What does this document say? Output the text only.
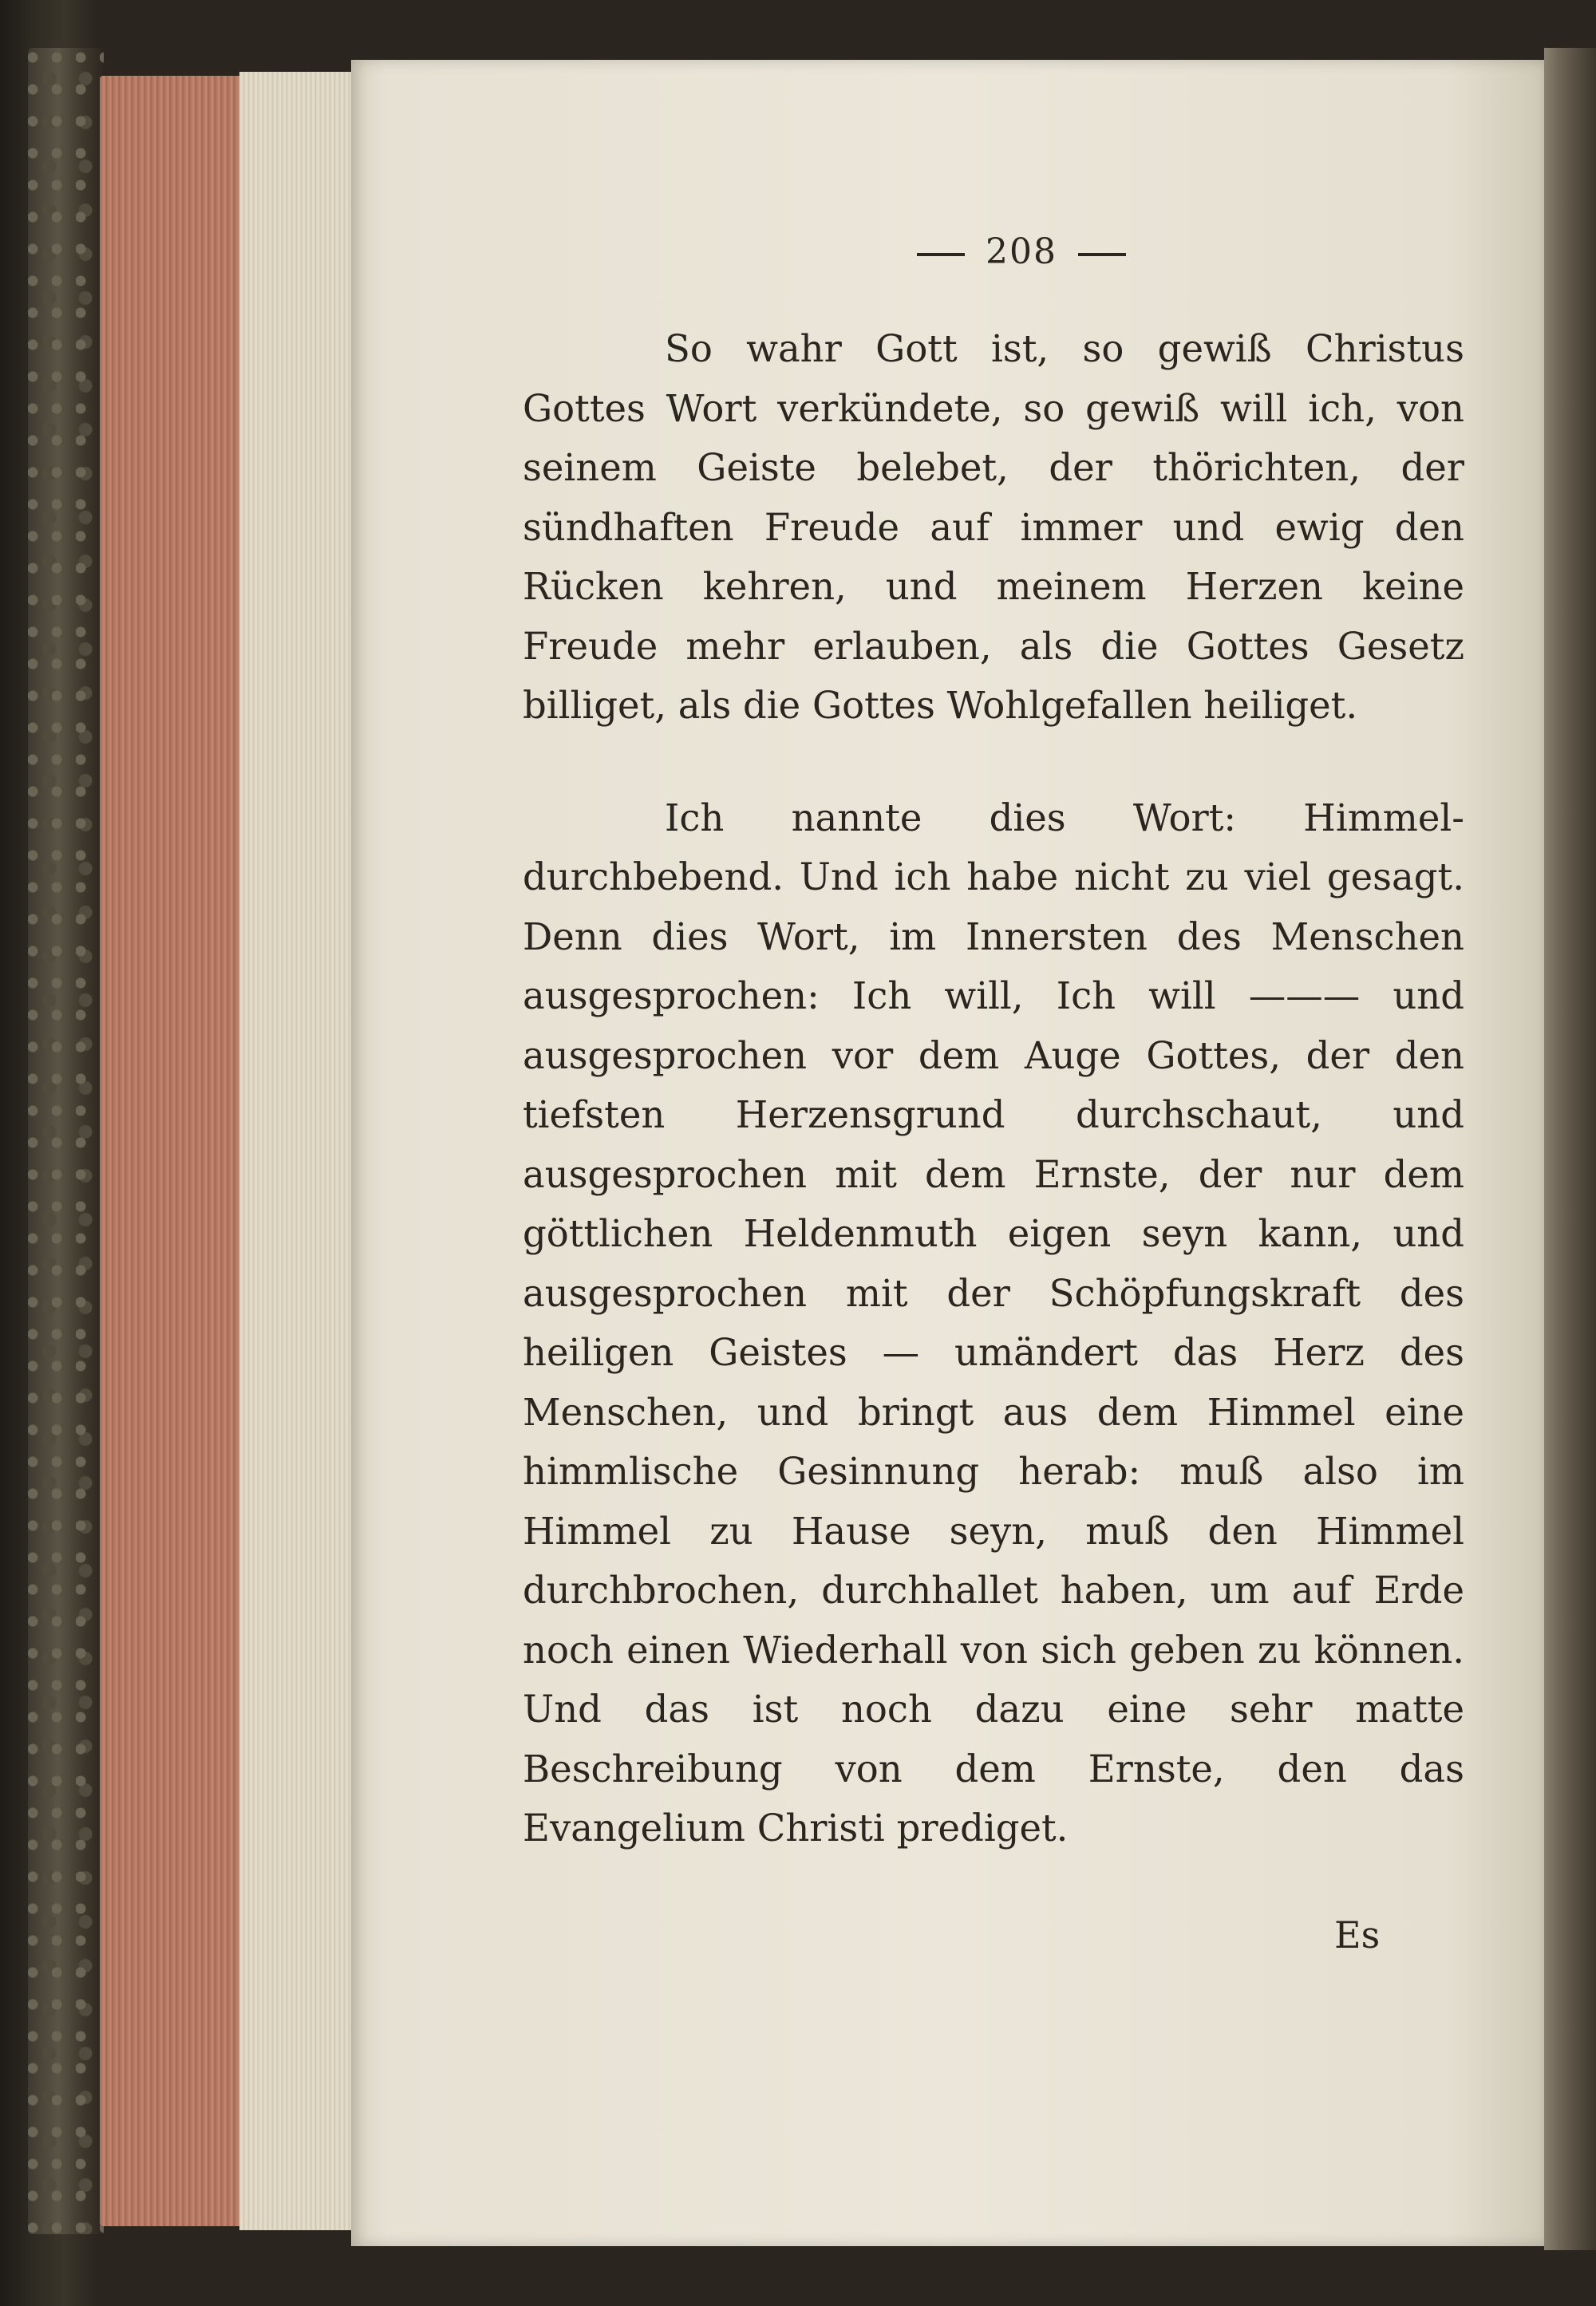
208

So wahr Gott ist, so gewiß Christus Gottes Wort verkündete, so gewiß will ich, von seinem Geiste belebet, der thörichten, der sündhaften Freude auf immer und ewig den Rücken kehren, und meinem Herzen keine Freude mehr erlauben, als die Gottes Gesetz billiget, als die Gottes Wohlgefallen heiliget.

Ich nannte dies Wort: Himmel-durchbebend. Und ich habe nicht zu viel gesagt. Denn dies Wort, im Innersten des Menschen ausgesprochen: Ich will, Ich will ——— und ausgesprochen vor dem Auge Gottes, der den tiefsten Herzensgrund durchschaut, und ausgesprochen mit dem Ernste, der nur dem göttlichen Heldenmuth eigen seyn kann, und ausgesprochen mit der Schöpfungskraft des heiligen Geistes — umändert das Herz des Menschen, und bringt aus dem Himmel eine himmlische Gesinnung herab: muß also im Himmel zu Hause seyn, muß den Himmel durchbrochen, durchhallet haben, um auf Erde noch einen Wiederhall von sich geben zu können. Und das ist noch dazu eine sehr matte Beschreibung von dem Ernste, den das Evangelium Christi prediget.

Es
